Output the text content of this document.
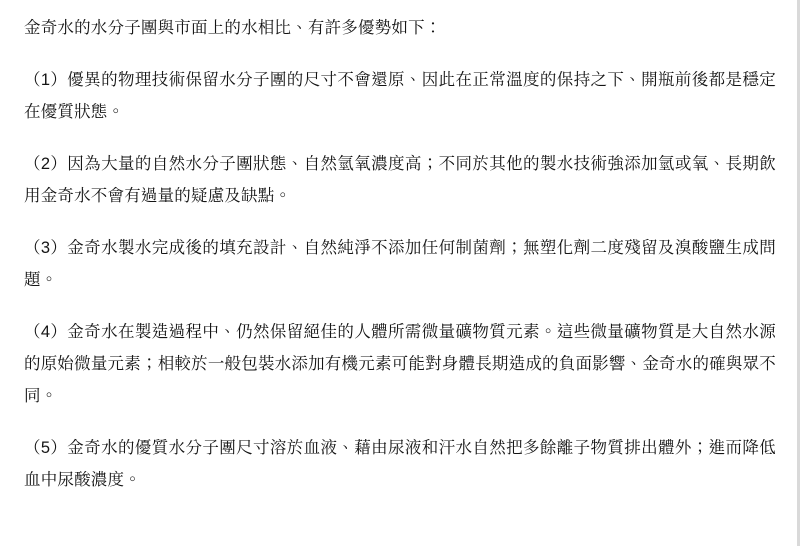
金奇水的水分子團與市面上的水相比、有許多優勢如下：

（1）優異的物理技術保留水分子團的尺寸不會還原、因此在正常溫度的保持之下、開瓶前後都是穩定在優質狀態。

（2）因為大量的自然水分子團狀態、自然氫氧濃度高；不同於其他的製水技術強添加氫或氧、長期飲用金奇水不會有過量的疑慮及缺點。

（3）金奇水製水完成後的填充設計、自然純淨不添加任何制菌劑；無塑化劑二度殘留及溴酸鹽生成問題。

（4）金奇水在製造過程中、仍然保留絕佳的人體所需微量礦物質元素。這些微量礦物質是大自然水源的原始微量元素；相較於一般包裝水添加有機元素可能對身體長期造成的負面影響、金奇水的確與眾不同。

（5）金奇水的優質水分子團尺寸溶於血液、藉由尿液和汗水自然把多餘離子物質排出體外；進而降低血中尿酸濃度。
